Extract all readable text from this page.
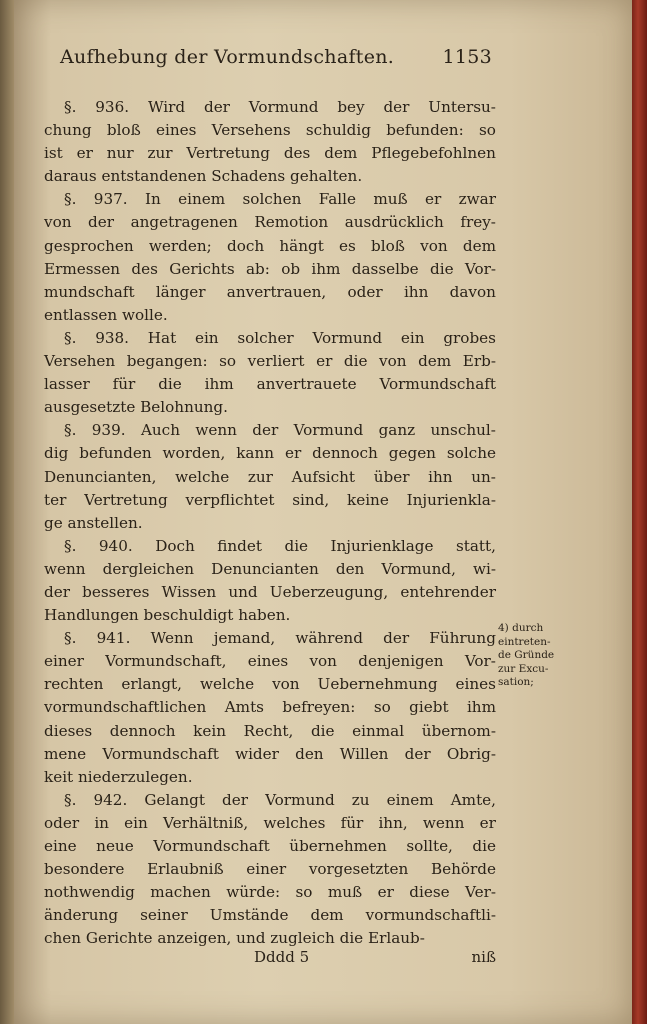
Aufhebung der Vormundschaften.	1153
§. 936. Wird der Vormund bey der Untersu-
chung bloß eines Versehens schuldig befunden: so
ist er nur zur Vertretung des dem Pflegebefohlnen
daraus entstandenen Schadens gehalten.
§. 937. In einem solchen Falle muß er zwar
von der angetragenen Remotion ausdrücklich frey-
gesprochen werden; doch hängt es bloß von dem
Ermessen des Gerichts ab: ob ihm dasselbe die Vor-
mundschaft länger anvertrauen, oder ihn davon
entlassen wolle.
§. 938. Hat ein solcher Vormund ein grobes
Versehen begangen: so verliert er die von dem Erb-
lasser für die ihm anvertrauete Vormundschaft
ausgesetzte Belohnung.
§. 939. Auch wenn der Vormund ganz unschul-
dig befunden worden, kann er dennoch gegen solche
Denuncianten, welche zur Aufsicht über ihn un-
ter Vertretung verpflichtet sind, keine Injurienkla-
ge anstellen.
§. 940. Doch findet die Injurienklage statt,
wenn dergleichen Denuncianten den Vormund, wi-
der besseres Wissen und Ueberzeugung, entehrender
Handlungen beschuldigt haben.
§. 941. Wenn jemand, während der Führung
einer Vormundschaft, eines von denjenigen Vor-
rechten erlangt, welche von Uebernehmung eines
vormundschaftlichen Amts befreyen: so giebt ihm
dieses dennoch kein Recht, die einmal übernom-
mene Vormundschaft wider den Willen der Obrig-
keit niederzulegen.
§. 942. Gelangt der Vormund zu einem Amte,
oder in ein Verhältniß, welches für ihn, wenn er
eine neue Vormundschaft übernehmen sollte, die
besondere Erlaubniß einer vorgesetzten Behörde
nothwendig machen würde: so muß er diese Ver-
änderung seiner Umstände dem vormundschaftli-
chen Gerichte anzeigen, und zugleich die Erlaub-
4) durch
eintreten-
de Gründe
zur Excu-
sation;
Dddd 5	niß
